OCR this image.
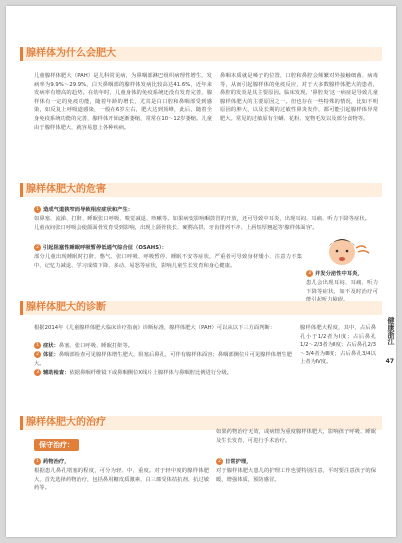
腺样体为什么会肥大
儿童腺样体肥大（PAH）是儿科常见病，为鼻咽部淋巴组织病理性增生，发病率为9.9%～29.9%，白天鼻咽部的腺样体发病比较高达41.6%，近年来发病率有增高的趋势。在幼年时，儿童身体的免疫系统还没有发育完善，腺样体有一定的免疫功能，随着年龄的增长，尤其是白口腔和鼻咽部受到感染，如反复上呼吸道感染，一般在6岁左右，肥大达到顶峰，此后，随着全身免疫系统功能的完善，腺样体开始逐渐萎缩，常常在10～12岁萎缩。儿童由于腺样体肥大，就容易患上各种疾病。
鼻咽本质就是嗓子的位置，口腔和鼻腔会频繁对外接触细菌、病毒等，从而引起腺样体的免疫反应，对于大多数腺样体肥大的患者，鼻腔的发炎是其主要原因。临床发现，'鼻腔炎'这一病症是导致儿童腺样体肥大的主要原因之一。但也存在一些特殊的情况，比如不明原因的肿大，以及长期的过敏性鼻炎发作，都可能引起腺样体异常肥大。常见的过敏原有尘螨、花粉、宠物毛发以及部分食物等。
腺样体肥大的危害
1 造成气道狭窄而导致相应症状和产生：
如鼻塞、流涕、打鼾、睡眠张口呼吸、嗅觉减退、咳嗽等。如果病变影响咽鼓管的开放，还可导致中耳炎，出现耳闷、耳痛、听力下降等症状。儿童夜间张口呼吸会使颌面骨发育受到影响，出现上颌骨狭长、硬腭高拱、牙齿排列不齐、上唇短厚翘起等'腺样体面容'。
2 引起阻塞性睡眠呼吸暂停低通气综合征（OSAHS）：
部分儿童出现睡眠时打鼾、憋气、张口呼吸、呼吸暂停、睡眠不安等症状，严重者可导致身材矮小、注意力不集中、记忆力减退、学习成绩下降、多动、易怒等症状，影响儿童生长发育和身心健康。
3 并发分泌性中耳炎，
患儿会出现耳闷、耳痛、听力下降等症状，如不及时治疗可
腺样体肥大的诊断
根据2014年《儿童腺样体肥大临床诊疗指南》诊断标准，腺样体肥大（PAH）可以从以下三方面判断：
1 症状：鼻塞、张口呼吸、睡眠打鼾等。
2 体征：鼻咽部检查可见腺样体增生肥大，阻塞后鼻孔，可伴有腺样体面容；鼻咽部侧位片可见腺样体增生肥大。
3 辅助检查：依据鼻咽纤维镜下或鼻咽侧位X线片上腺样体与鼻咽腔比例进行分级。
腺样体肥大程度，其中，占后鼻孔小于1/2者为Ⅰ度；占后鼻孔1/2～2/3者为Ⅱ度；占后鼻孔2/3～3/4者为Ⅲ度；占后鼻孔3/4以上者为Ⅳ度。
腺样体肥大的治疗
保守治疗：
1 药物治疗，
根据患儿鼻孔堵塞的程度，可分为轻、中、重度。对于轻中度的腺样体肥大，首先选择药物治疗，包括鼻用糖皮质激素、白三烯受体拮抗剂、抗过敏药等。
如果药物治疗无效，或病情为重度腺样体肥大，影响孩子呼吸、睡眠及生长发育，可进行手术治疗。
2 日常护理，
对于腺样体肥大患儿的护理工作也要特别注意，平时要注意孩子的保暖，增强体质，预防感冒。
健康浙江
47
